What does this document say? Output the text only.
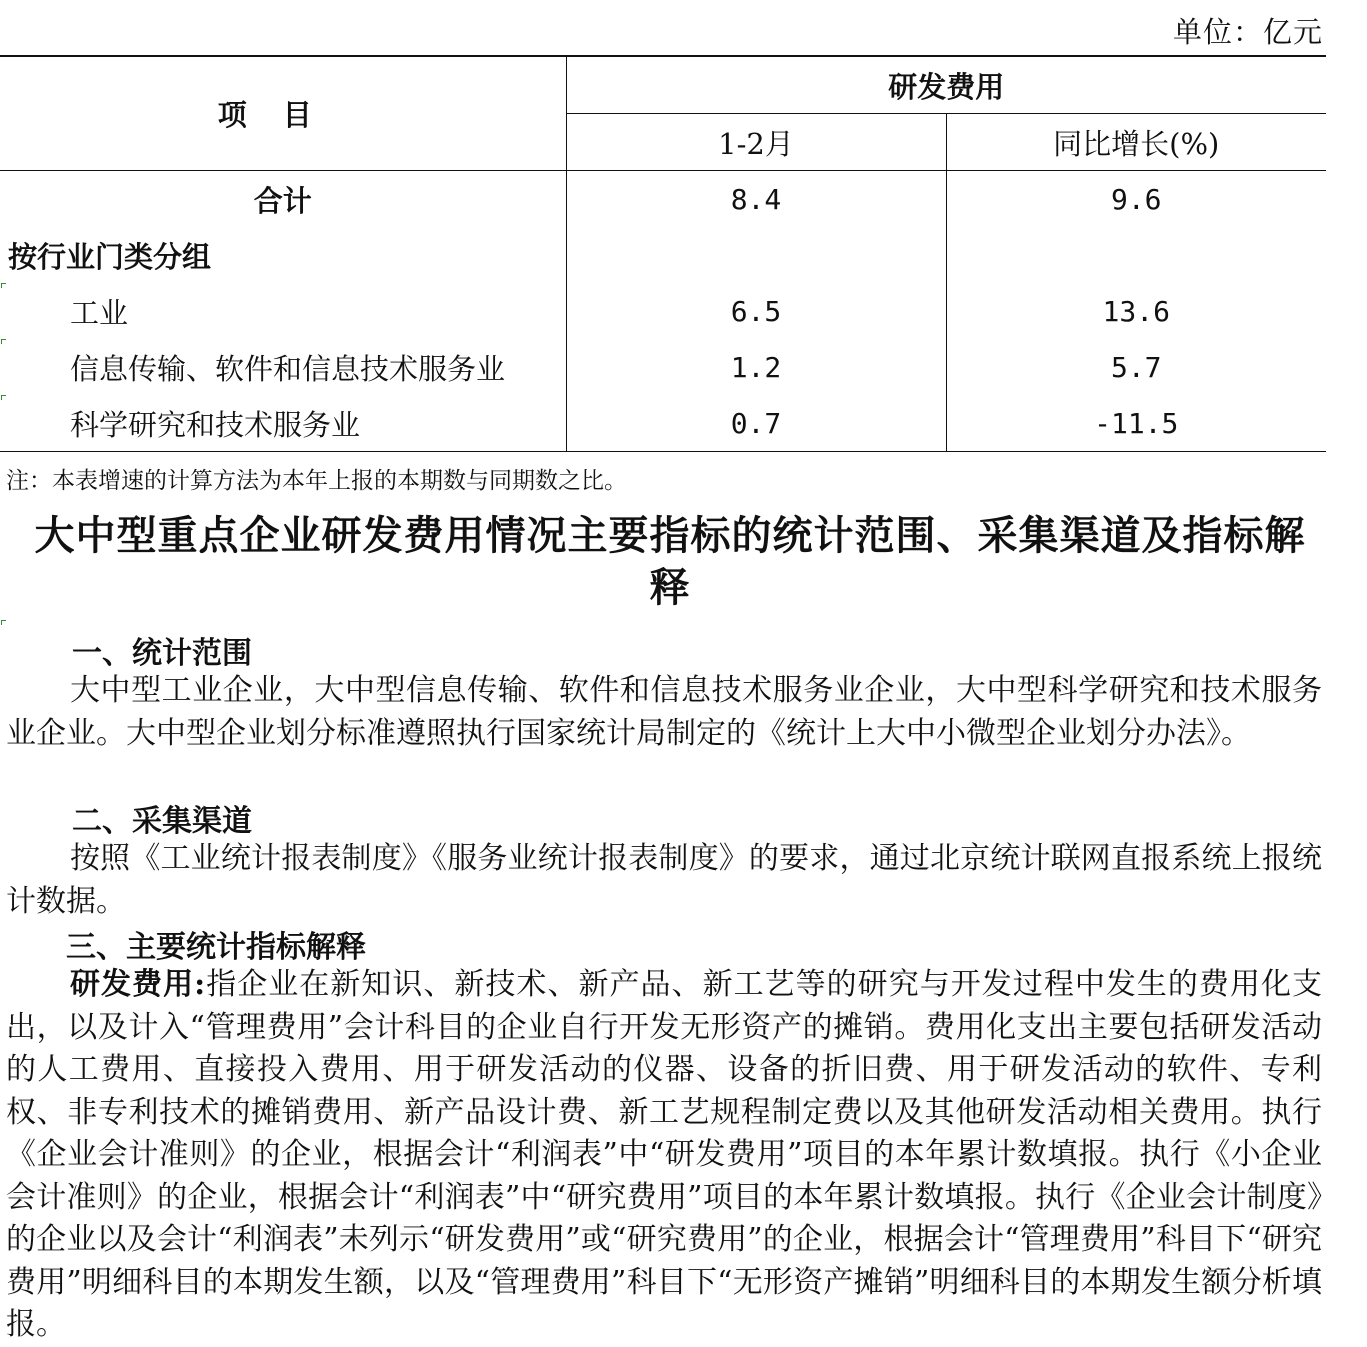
单位：亿元
项目	研发费用	
	1-2月	同比增长(%)
合计	8.4	9.6
按行业门类分组		
工业	6.5	13.6
信息传输、软件和信息技术服务业	1.2	5.7
科学研究和技术服务业	0.7	-11.5
注：本表增速的计算方法为本年上报的本期数与同期数之比。
大中型重点企业研发费用情况主要指标的统计范围、采集渠道及指标解释
一、统计范围
大中型工业企业，大中型信息传输、软件和信息技术服务业企业，大中型科学研究和技术服务业企业。大中型企业划分标准遵照执行国家统计局制定的《统计上大中小微型企业划分办法》。
二、采集渠道
按照《工业统计报表制度》《服务业统计报表制度》的要求，通过北京统计联网直报系统上报统计数据。
三、主要统计指标解释
研发费用:指企业在新知识、新技术、新产品、新工艺等的研究与开发过程中发生的费用化支出，以及计入“管理费用”会计科目的企业自行开发无形资产的摊销。费用化支出主要包括研发活动的人工费用、直接投入费用、用于研发活动的仪器、设备的折旧费、用于研发活动的软件、专利权、非专利技术的摊销费用、新产品设计费、新工艺规程制定费以及其他研发活动相关费用。执行《企业会计准则》的企业，根据会计“利润表”中“研发费用”项目的本年累计数填报。执行《小企业会计准则》的企业，根据会计“利润表”中“研究费用”项目的本年累计数填报。执行《企业会计制度》的企业以及会计“利润表”未列示“研发费用”或“研究费用”的企业，根据会计“管理费用”科目下“研究费用”明细科目的本期发生额，以及“管理费用”科目下“无形资产摊销”明细科目的本期发生额分析填报。
